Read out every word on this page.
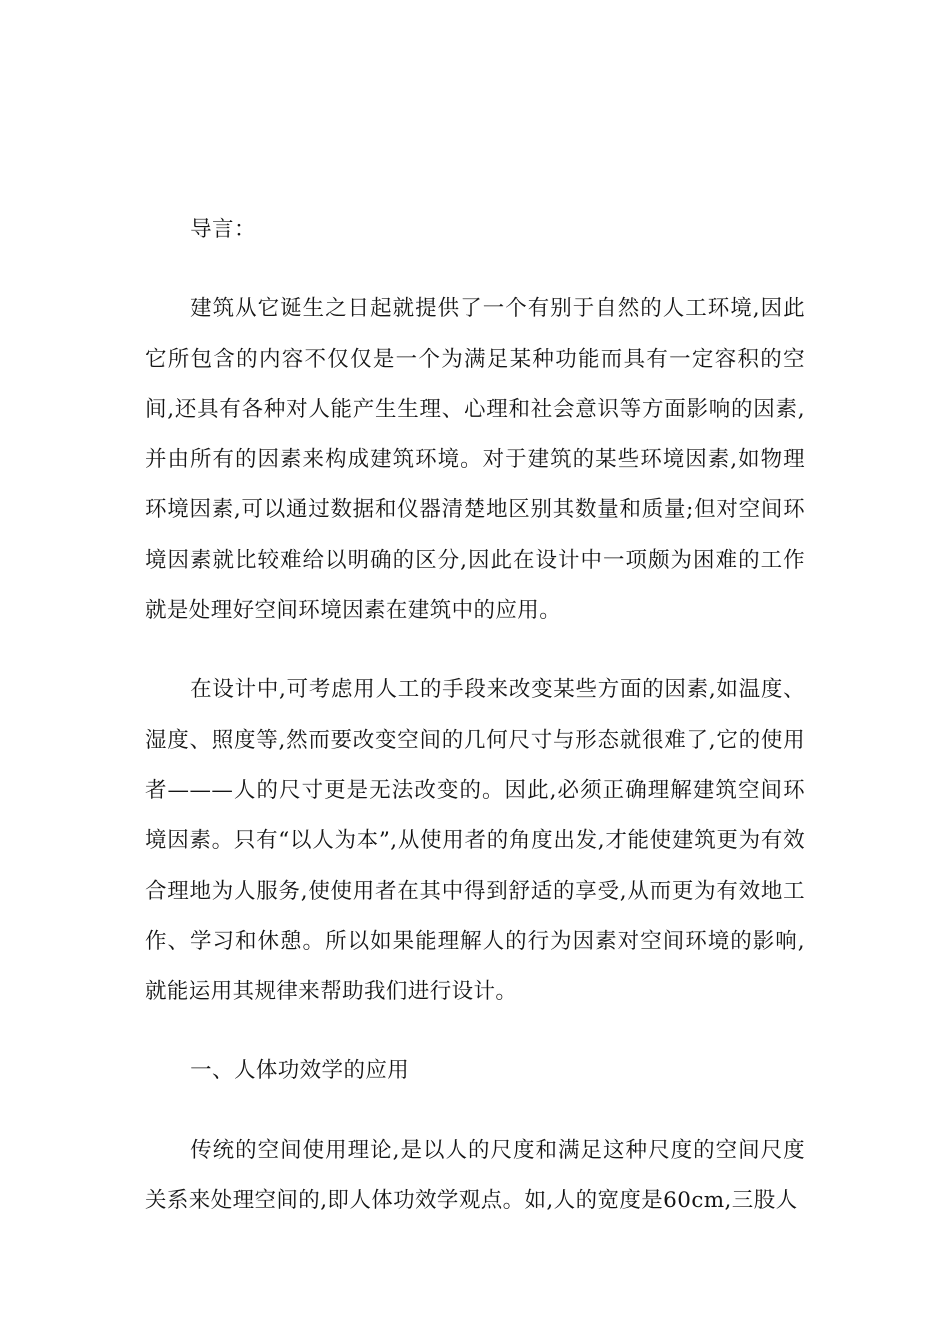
导言：

建筑从它诞生之日起就提供了一个有别于自然的人工环境,因此它所包含的内容不仅仅是一个为满足某种功能而具有一定容积的空间,还具有各种对人能产生生理、心理和社会意识等方面影响的因素,并由所有的因素来构成建筑环境。对于建筑的某些环境因素,如物理环境因素,可以通过数据和仪器清楚地区别其数量和质量;但对空间环境因素就比较难给以明确的区分,因此在设计中一项颇为困难的工作就是处理好空间环境因素在建筑中的应用。

在设计中,可考虑用人工的手段来改变某些方面的因素,如温度、湿度、照度等,然而要改变空间的几何尺寸与形态就很难了,它的使用者———人的尺寸更是无法改变的。因此,必须正确理解建筑空间环境因素。只有“以人为本”,从使用者的角度出发,才能使建筑更为有效合理地为人服务,使使用者在其中得到舒适的享受,从而更为有效地工作、学习和休憩。所以如果能理解人的行为因素对空间环境的影响,就能运用其规律来帮助我们进行设计。

一、人体功效学的应用

传统的空间使用理论,是以人的尺度和满足这种尺度的空间尺度关系来处理空间的,即人体功效学观点。如,人的宽度是60cm,三股人
